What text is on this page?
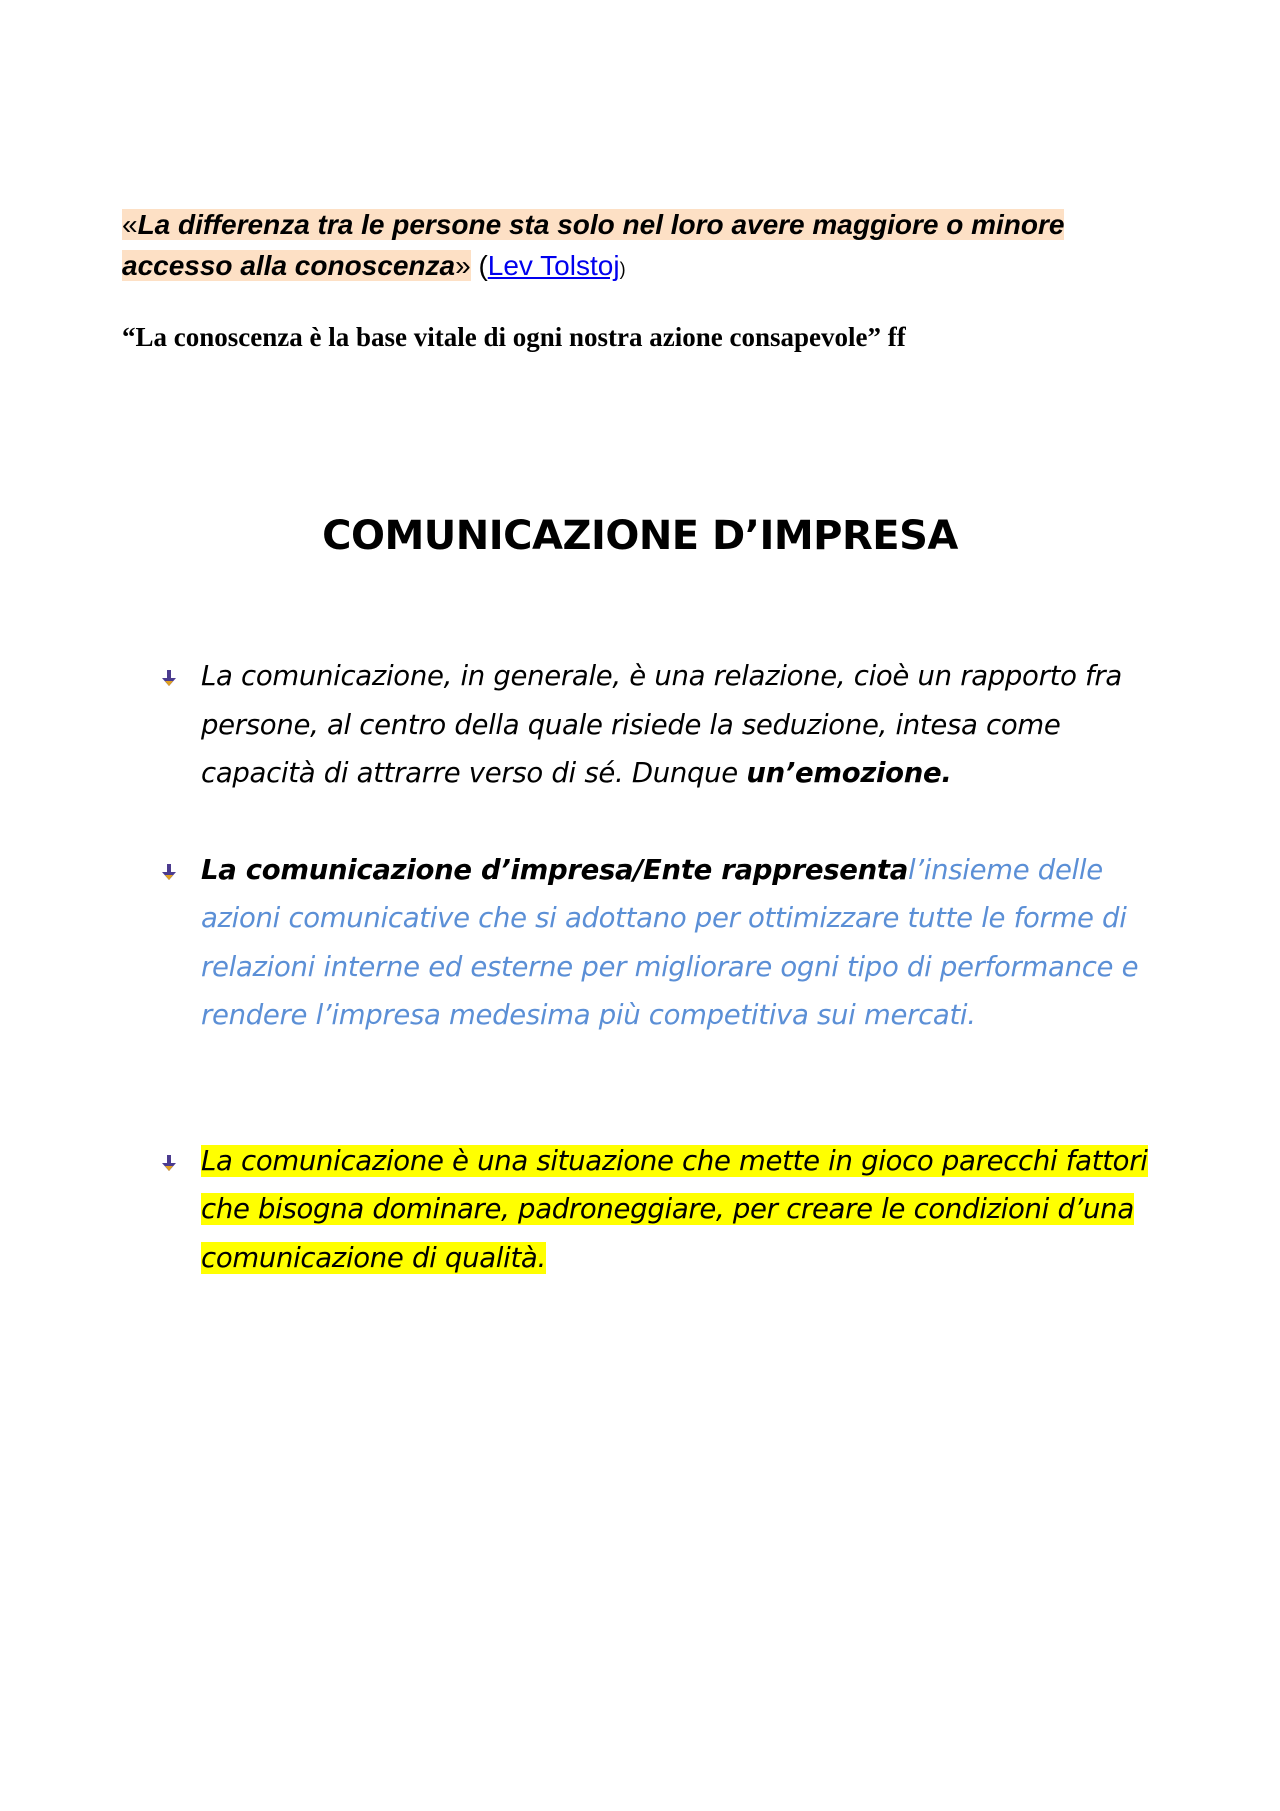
«La differenza tra le persone sta solo nel loro avere maggiore o minore accesso alla conoscenza» (Lev Tolstoj)

“La conoscenza è la base vitale di ogni nostra azione consapevole” ff

COMUNICAZIONE D’IMPRESA
La comunicazione, in generale, è una relazione, cioè un rapporto fra persone, al centro della quale risiede la seduzione, intesa come capacità di attrarre verso di sé. Dunque un’emozione.
La comunicazione d’impresa/Ente rappresental’insieme delle azioni comunicative che si adottano per ottimizzare tutte le forme di relazioni interne ed esterne per migliorare ogni tipo di performance e rendere l’impresa medesima più competitiva sui mercati.
La comunicazione è una situazione che mette in gioco parecchi fattori che bisogna dominare, padroneggiare, per creare le condizioni d’una comunicazione di qualità.
